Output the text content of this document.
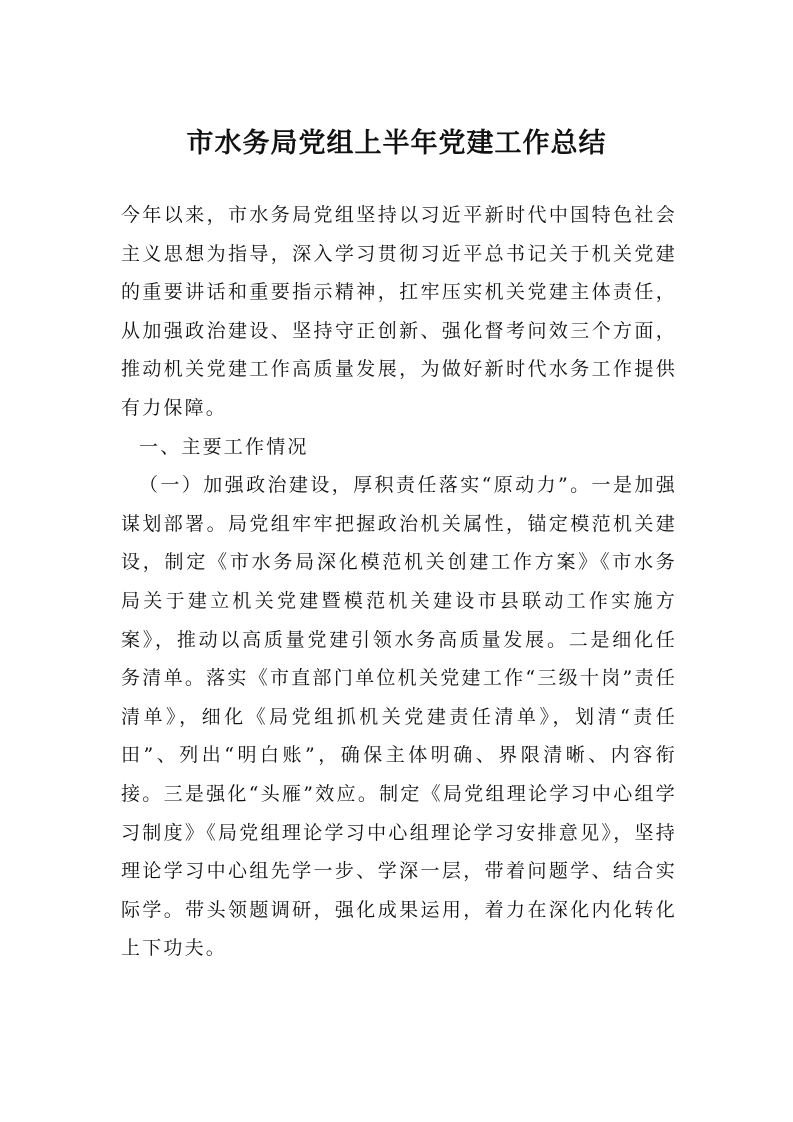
市水务局党组上半年党建工作总结

今年以来，市水务局党组坚持以习近平新时代中国特色社会主义思想为指导，深入学习贯彻习近平总书记关于机关党建的重要讲话和重要指示精神，扛牢压实机关党建主体责任，从加强政治建设、坚持守正创新、强化督考问效三个方面，推动机关党建工作高质量发展，为做好新时代水务工作提供有力保障。

一、主要工作情况

（一）加强政治建设，厚积责任落实“原动力”。一是加强谋划部署。局党组牢牢把握政治机关属性，锚定模范机关建设，制定《市水务局深化模范机关创建工作方案》《市水务局关于建立机关党建暨模范机关建设市县联动工作实施方案》，推动以高质量党建引领水务高质量发展。二是细化任务清单。落实《市直部门单位机关党建工作“三级十岗”责任清单》，细化《局党组抓机关党建责任清单》，划清“责任田”、列出“明白账”，确保主体明确、界限清晰、内容衔接。三是强化“头雁”效应。制定《局党组理论学习中心组学习制度》《局党组理论学习中心组理论学习安排意见》，坚持理论学习中心组先学一步、学深一层，带着问题学、结合实际学。带头领题调研，强化成果运用，着力在深化内化转化上下功夫。
